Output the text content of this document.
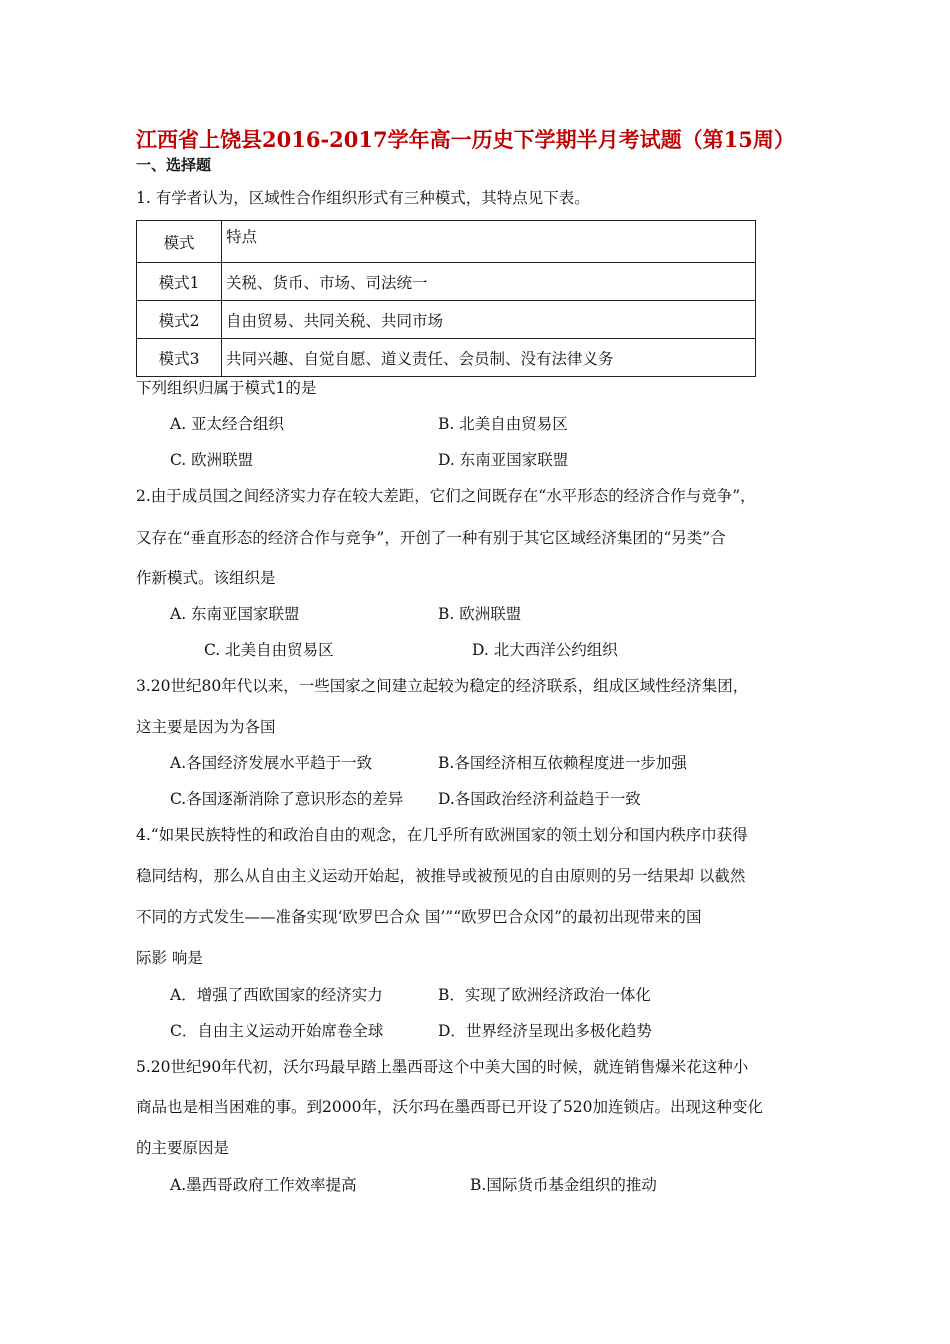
江西省上饶县2016-2017学年高一历史下学期半月考试题（第15周）
一、选择题
1. 有学者认为，区域性合作组织形式有三种模式，其特点见下表。
模式	特点
模式1	关税、货币、市场、司法统一
模式2	自由贸易、共同关税、共同市场
模式3	共同兴趣、自觉自愿、道义责任、会员制、没有法律义务
下列组织归属于模式1的是
A. 亚太经合组织	B. 北美自由贸易区
C. 欧洲联盟	D. 东南亚国家联盟
2.由于成员国之间经济实力存在较大差距，它们之间既存在“水平形态的经济合作与竞争”，
又存在“垂直形态的经济合作与竞争”，开创了一种有别于其它区域经济集团的“另类”合
作新模式。该组织是
A. 东南亚国家联盟	B. 欧洲联盟
C. 北美自由贸易区	D. 北大西洋公约组织
3.20世纪80年代以来，一些国家之间建立起较为稳定的经济联系，组成区域性经济集团，
这主要是因为为各国
A.各国经济发展水平趋于一致	B.各国经济相互依赖程度进一步加强
C.各国逐渐消除了意识形态的差异 D.各国政治经济利益趋于一致
4.“如果民族特性的和政治自由的观念，在几乎所有欧洲国家的领土划分和国内秩序巾获得
稳同结构，那么从自由主义运动开始起，被推导或被预见的自由原则的另一结果却 以截然
不同的方式发生——准备实现‘欧罗巴合众 国’”“欧罗巴合众冈”的最初出现带来的国
际影 响是
A．增强了西欧国家的经济实力	B．实现了欧洲经济政治一体化
C．自由主义运动开始席卷全球	D．世界经济呈现出多极化趋势
5.20世纪90年代初，沃尔玛最早踏上墨西哥这个中美大国的时候，就连销售爆米花这种小
商品也是相当困难的事。到2000年，沃尔玛在墨西哥已开设了520加连锁店。出现这种变化
的主要原因是
A.墨西哥政府工作效率提高	B.国际货币基金组织的推动
